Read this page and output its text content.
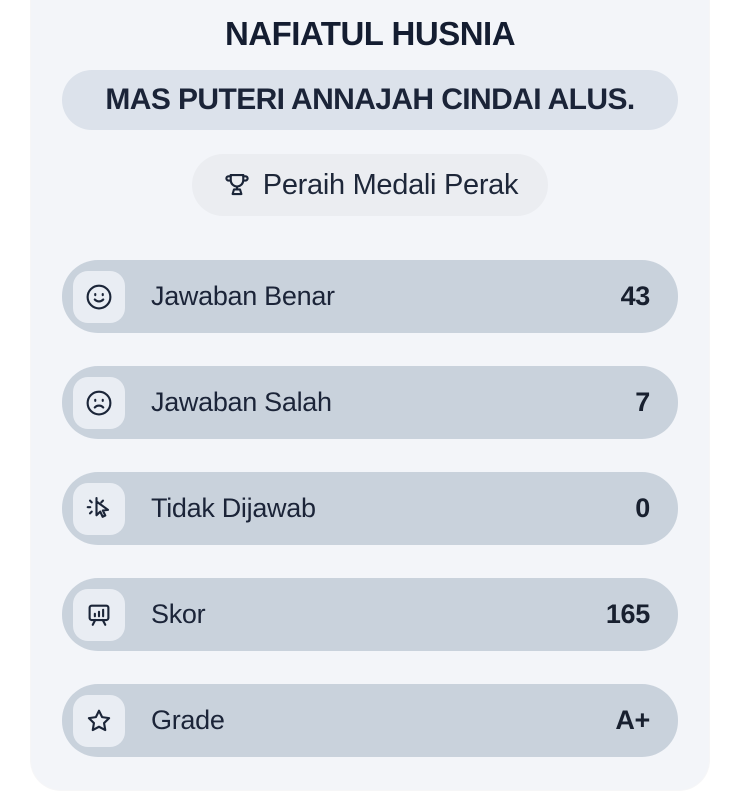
NAFIATUL HUSNIA
MAS PUTERI ANNAJAH CINDAI ALUS.
Peraih Medali Perak
Jawaban Benar	43
Jawaban Salah	7
Tidak Dijawab	0
Skor	165
Grade	A+
